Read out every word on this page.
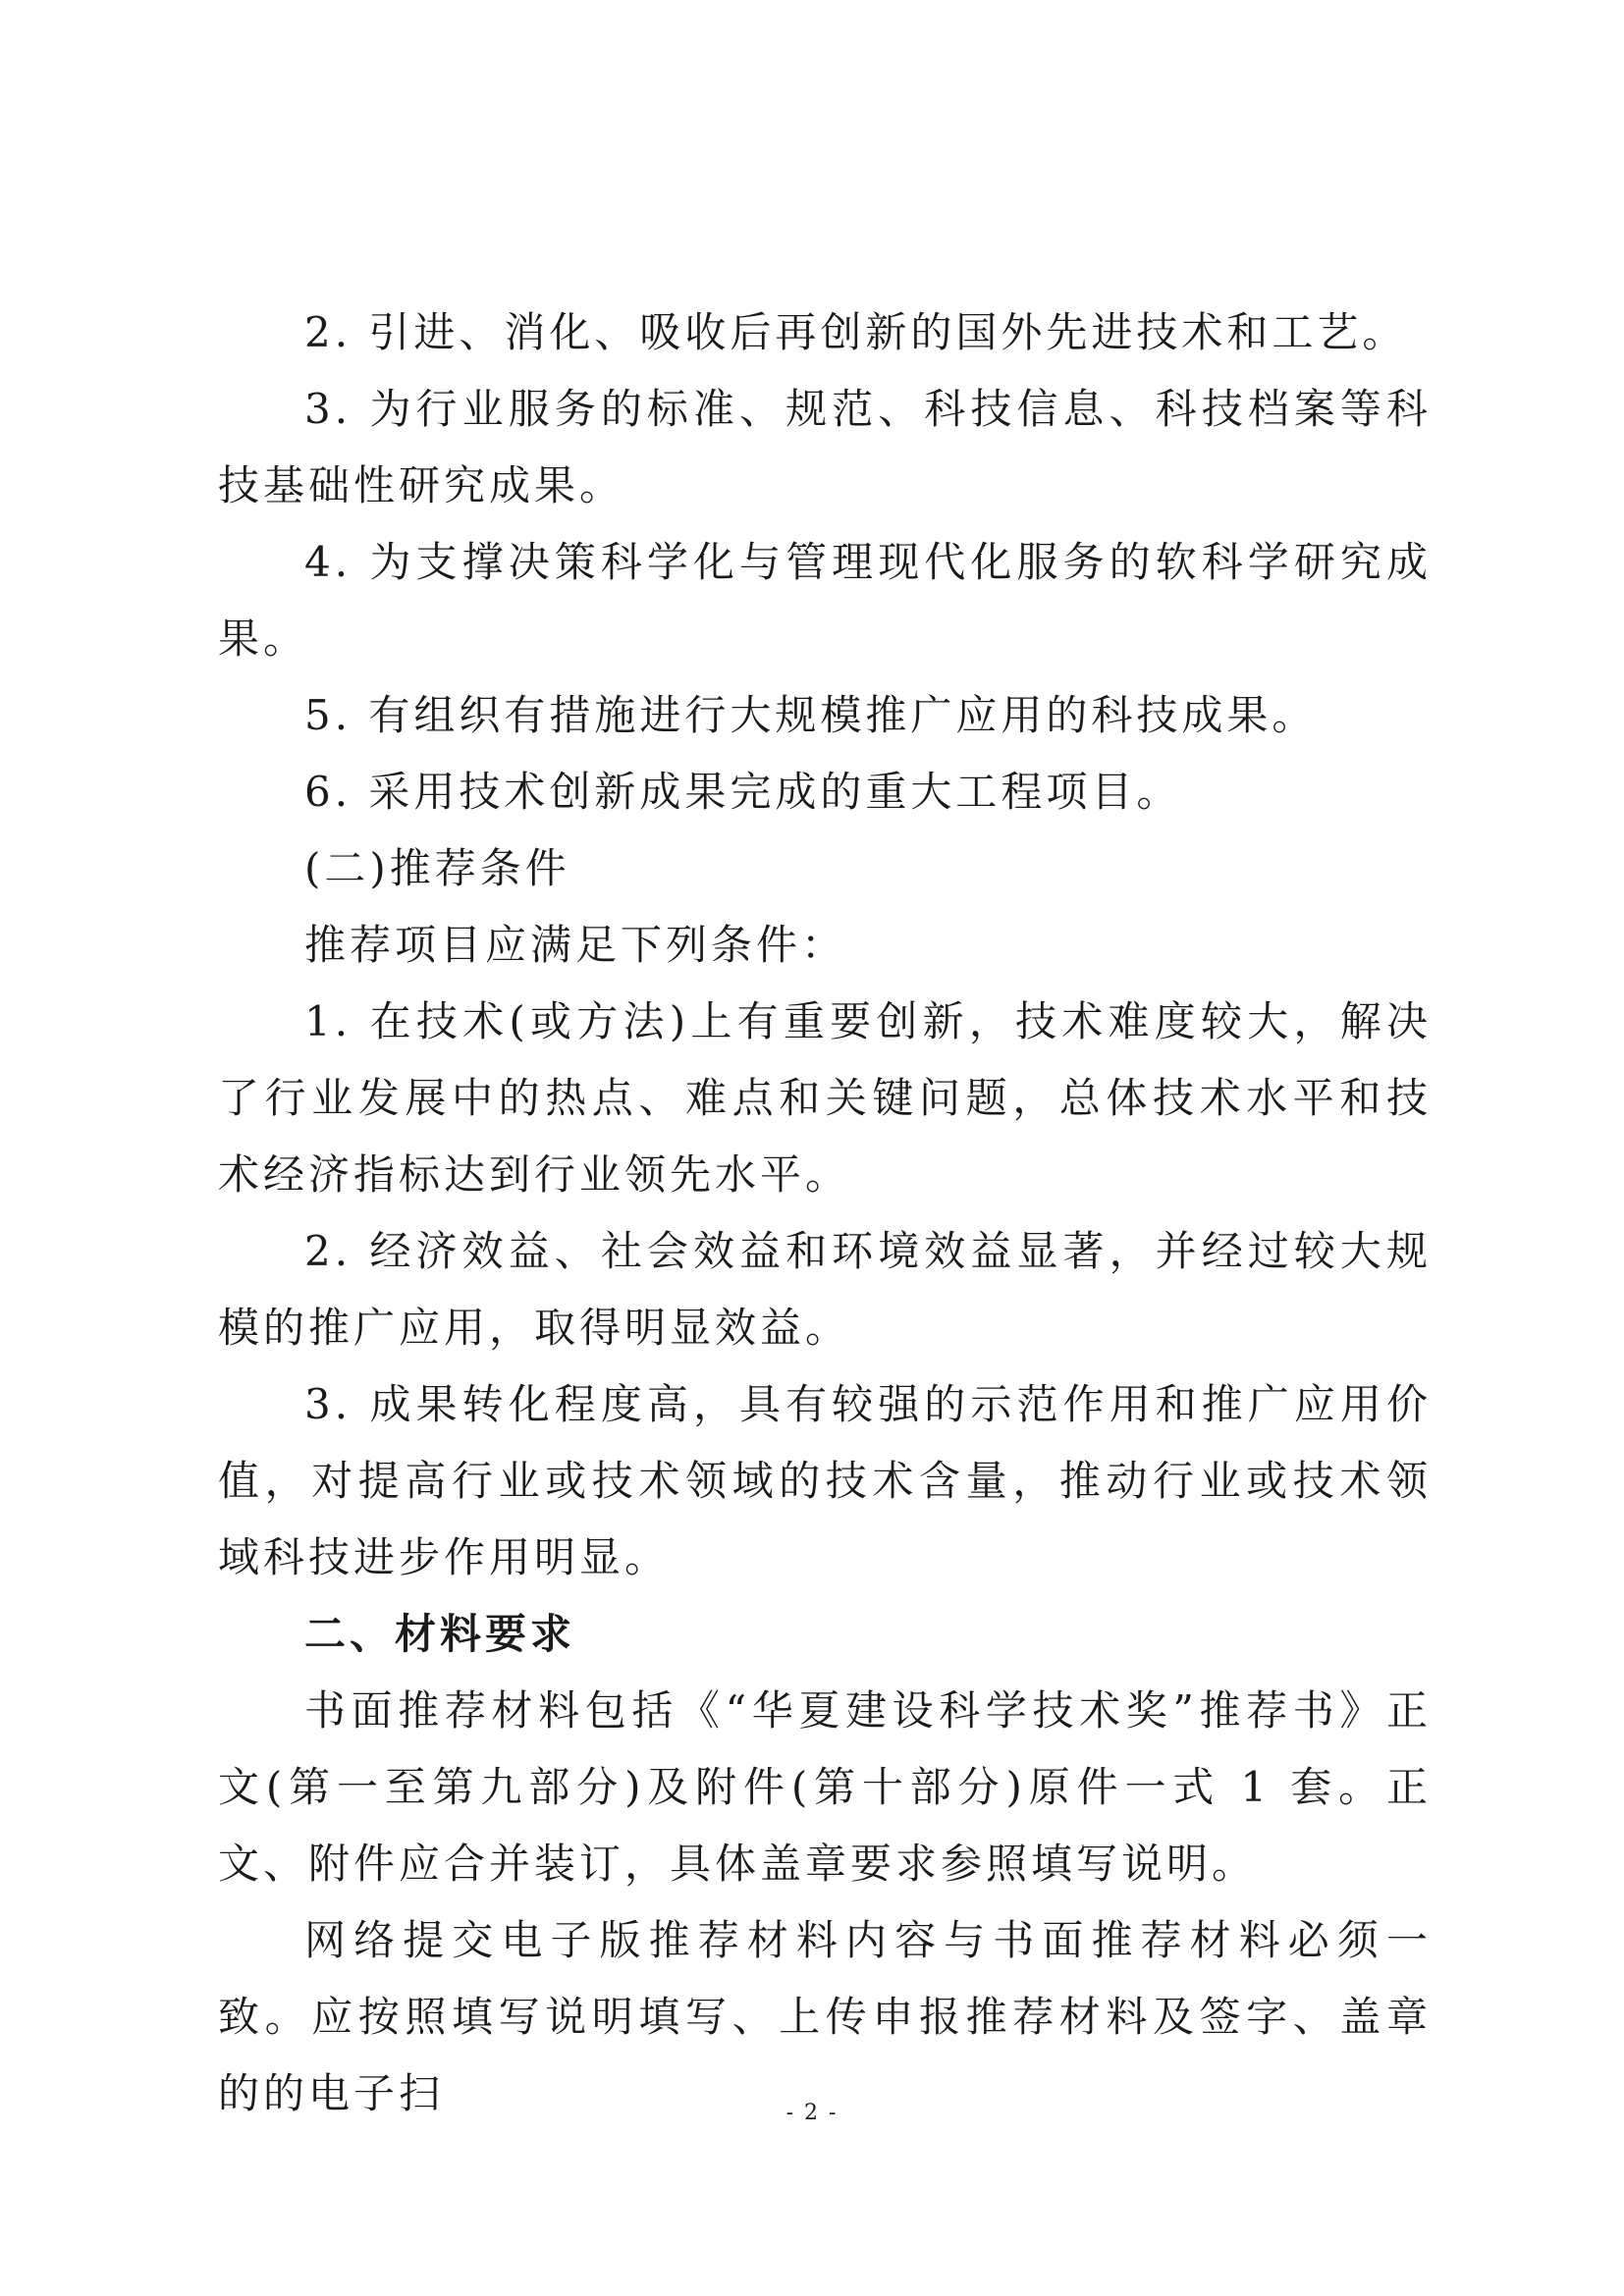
2. 引进、消化、吸收后再创新的国外先进技术和工艺。

3. 为行业服务的标准、规范、科技信息、科技档案等科技基础性研究成果。

4. 为支撑决策科学化与管理现代化服务的软科学研究成果。

5. 有组织有措施进行大规模推广应用的科技成果。

6. 采用技术创新成果完成的重大工程项目。

(二)推荐条件

推荐项目应满足下列条件：

1. 在技术(或方法)上有重要创新，技术难度较大，解决了行业发展中的热点、难点和关键问题，总体技术水平和技术经济指标达到行业领先水平。

2. 经济效益、社会效益和环境效益显著，并经过较大规模的推广应用，取得明显效益。

3. 成果转化程度高，具有较强的示范作用和推广应用价值，对提高行业或技术领域的技术含量，推动行业或技术领域科技进步作用明显。

二、材料要求

书面推荐材料包括《“华夏建设科学技术奖”推荐书》正文(第一至第九部分)及附件(第十部分)原件一式 1 套。正文、附件应合并装订，具体盖章要求参照填写说明。

网络提交电子版推荐材料内容与书面推荐材料必须一致。应按照填写说明填写、上传申报推荐材料及签字、盖章的的电子扫	- 2 -
